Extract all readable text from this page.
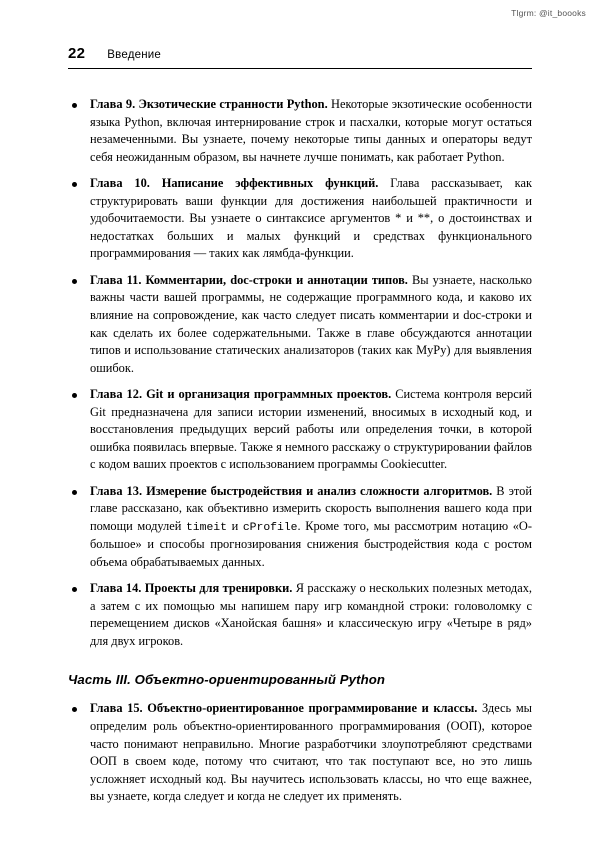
Tlgrm: @it_boooks
22 Введение
Глава 9. Экзотические странности Python. Некоторые экзотические особенности языка Python, включая интернирование строк и пасхалки, которые могут остаться незамеченными. Вы узнаете, почему некоторые типы данных и операторы ведут себя неожиданным образом, вы начнете лучше понимать, как работает Python.
Глава 10. Написание эффективных функций. Глава рассказывает, как структурировать ваши функции для достижения наибольшей практичности и удобочитаемости. Вы узнаете о синтаксисе аргументов * и **, о достоинствах и недостатках больших и малых функций и средствах функционального программирования — таких как лямбда-функции.
Глава 11. Комментарии, doc-строки и аннотации типов. Вы узнаете, насколько важны части вашей программы, не содержащие программного кода, и каково их влияние на сопровождение, как часто следует писать комментарии и doc-строки и как сделать их более содержательными. Также в главе обсуждаются аннотации типов и использование статических анализаторов (таких как MyPy) для выявления ошибок.
Глава 12. Git и организация программных проектов. Система контроля версий Git предназначена для записи истории изменений, вносимых в исходный код, и восстановления предыдущих версий работы или определения точки, в которой ошибка появилась впервые. Также я немного расскажу о структурировании файлов с кодом ваших проектов с использованием программы Cookiecutter.
Глава 13. Измерение быстродействия и анализ сложности алгоритмов. В этой главе рассказано, как объективно измерить скорость выполнения вашего кода при помощи модулей timeit и cProfile. Кроме того, мы рассмотрим нотацию «О-большое» и способы прогнозирования снижения быстродействия кода с ростом объема обрабатываемых данных.
Глава 14. Проекты для тренировки. Я расскажу о нескольких полезных методах, а затем с их помощью мы напишем пару игр командной строки: головоломку с перемещением дисков «Ханойская башня» и классическую игру «Четыре в ряд» для двух игроков.
Часть III. Объектно-ориентированный Python
Глава 15. Объектно-ориентированное программирование и классы. Здесь мы определим роль объектно-ориентированного программирования (ООП), которое часто понимают неправильно. Многие разработчики злоупотребляют средствами ООП в своем коде, потому что считают, что так поступают все, но это лишь усложняет исходный код. Вы научитесь использовать классы, но что еще важнее, вы узнаете, когда следует и когда не следует их применять.
